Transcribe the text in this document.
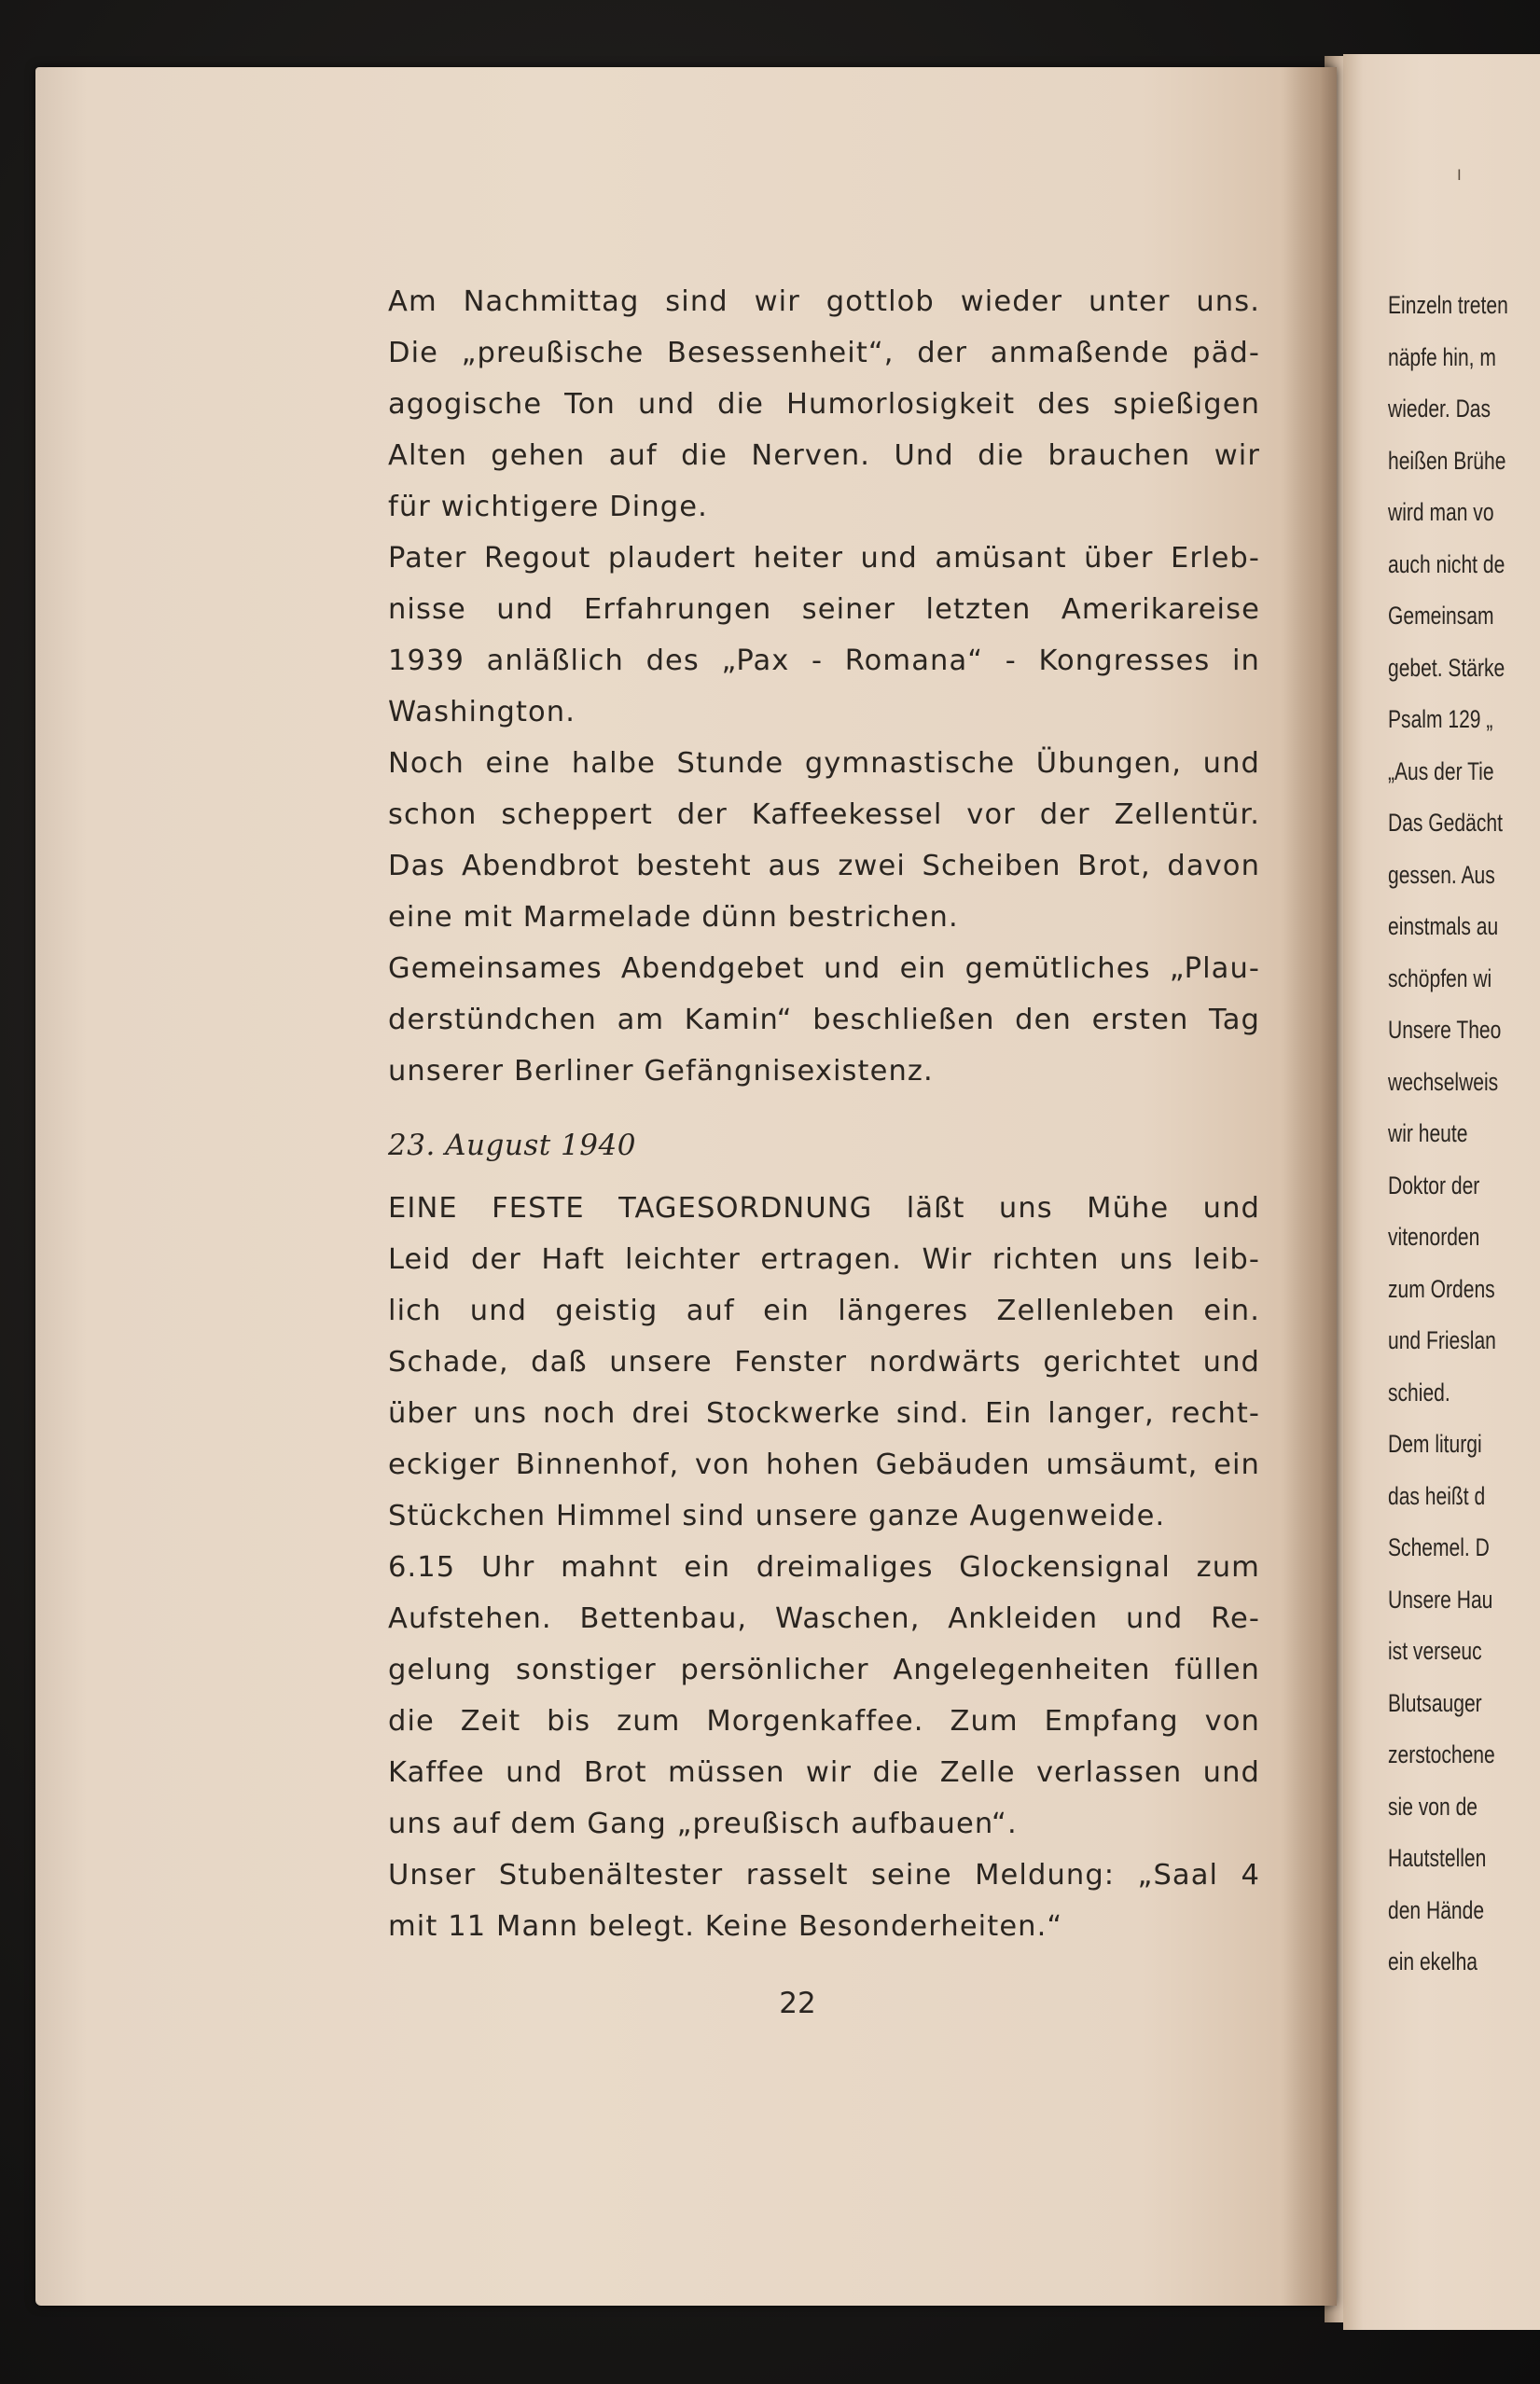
I
Einzeln treten
näpfe hin, m
wieder. Das
heißen Brühe
wird man vo
auch nicht de
Gemeinsam
gebet. Stärke
Psalm 129 „
„Aus der Tie
Das Gedächt
gessen. Aus
einstmals au
schöpfen wi
Unsere Theo
wechselweis
wir heute
Doktor der
vitenorden
zum Ordens
und Frieslan
schied.
Dem liturgi
das heißt d
Schemel. D
Unsere Hau
ist verseuc
Blutsauger
zerstochene
sie von de
Hautstellen
den Hände
ein ekelha
Am Nachmittag sind wir gottlob wieder unter uns.
Die „preußische Besessenheit“, der anmaßende päd-
agogische Ton und die Humorlosigkeit des spießigen
Alten gehen auf die Nerven. Und die brauchen wir
für wichtigere Dinge.
Pater Regout plaudert heiter und amüsant über Erleb-
nisse und Erfahrungen seiner letzten Amerikareise
1939 anläßlich des „Pax - Romana“ - Kongresses in
Washington.
Noch eine halbe Stunde gymnastische Übungen, und
schon scheppert der Kaffeekessel vor der Zellentür.
Das Abendbrot besteht aus zwei Scheiben Brot, davon
eine mit Marmelade dünn bestrichen.
Gemeinsames Abendgebet und ein gemütliches „Plau-
derstündchen am Kamin“ beschließen den ersten Tag
unserer Berliner Gefängnisexistenz.
23. August 1940
EINE FESTE TAGESORDNUNG läßt uns Mühe und
Leid der Haft leichter ertragen. Wir richten uns leib-
lich und geistig auf ein längeres Zellenleben ein.
Schade, daß unsere Fenster nordwärts gerichtet und
über uns noch drei Stockwerke sind. Ein langer, recht-
eckiger Binnenhof, von hohen Gebäuden umsäumt, ein
Stückchen Himmel sind unsere ganze Augenweide.
6.15 Uhr mahnt ein dreimaliges Glockensignal zum
Aufstehen. Bettenbau, Waschen, Ankleiden und Re-
gelung sonstiger persönlicher Angelegenheiten füllen
die Zeit bis zum Morgenkaffee. Zum Empfang von
Kaffee und Brot müssen wir die Zelle verlassen und
uns auf dem Gang „preußisch aufbauen“.
Unser Stubenältester rasselt seine Meldung: „Saal 4
mit 11 Mann belegt. Keine Besonderheiten.“
22
